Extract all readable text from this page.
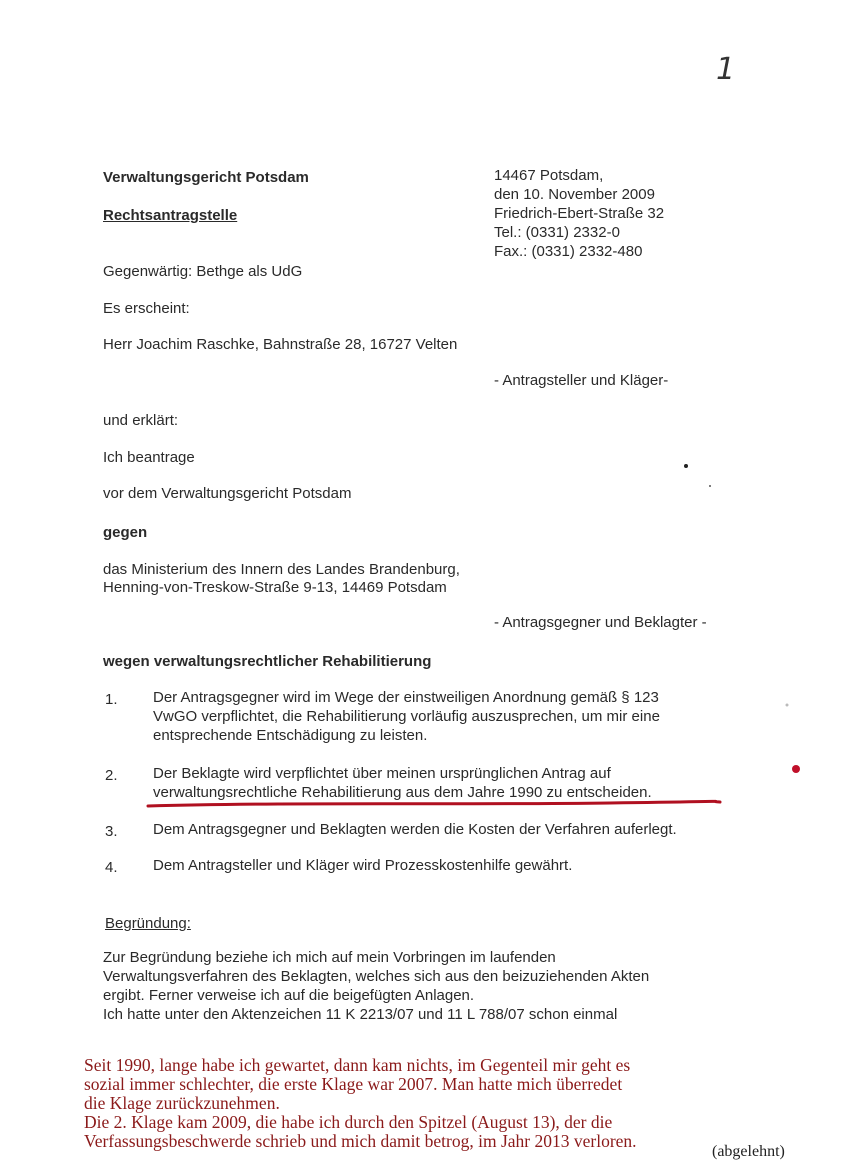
1
Verwaltungsgericht Potsdam
Rechtsantragstelle
14467 Potsdam,
den 10. November 2009
Friedrich-Ebert-Straße 32
Tel.: (0331) 2332-0
Fax.: (0331) 2332-480
Gegenwärtig: Bethge als UdG
Es erscheint:
Herr Joachim Raschke, Bahnstraße 28, 16727 Velten
- Antragsteller und Kläger-
und erklärt:
Ich beantrage
vor dem Verwaltungsgericht Potsdam
gegen
das Ministerium des Innern des Landes Brandenburg,
Henning-von-Treskow-Straße 9-13, 14469 Potsdam
- Antragsgegner und Beklagter -
wegen verwaltungsrechtlicher Rehabilitierung
1. Der Antragsgegner wird im Wege der einstweiligen Anordnung gemäß § 123
VwGO verpflichtet, die Rehabilitierung vorläufig auszusprechen, um mir eine
entsprechende Entschädigung zu leisten.
2. Der Beklagte wird verpflichtet über meinen ursprünglichen Antrag auf
verwaltungsrechtliche Rehabilitierung aus dem Jahre 1990 zu entscheiden.
3. Dem Antragsgegner und Beklagten werden die Kosten der Verfahren auferlegt.
4. Dem Antragsteller und Kläger wird Prozesskostenhilfe gewährt.
Begründung:
Zur Begründung beziehe ich mich auf mein Vorbringen im laufenden
Verwaltungsverfahren des Beklagten, welches sich aus den beizuziehenden Akten
ergibt. Ferner verweise ich auf die beigefügten Anlagen.
Ich hatte unter den Aktenzeichen 11 K 2213/07 und 11 L 788/07 schon einmal
Seit 1990, lange habe ich gewartet, dann kam nichts, im Gegenteil mir geht es
sozial immer schlechter, die erste Klage war 2007. Man hatte mich überredet
die Klage zurückzunehmen.
Die 2. Klage kam 2009, die habe ich durch den Spitzel (August 13), der die
Verfassungsbeschwerde schrieb und mich damit betrog, im Jahr 2013 verloren.
(abgelehnt)
